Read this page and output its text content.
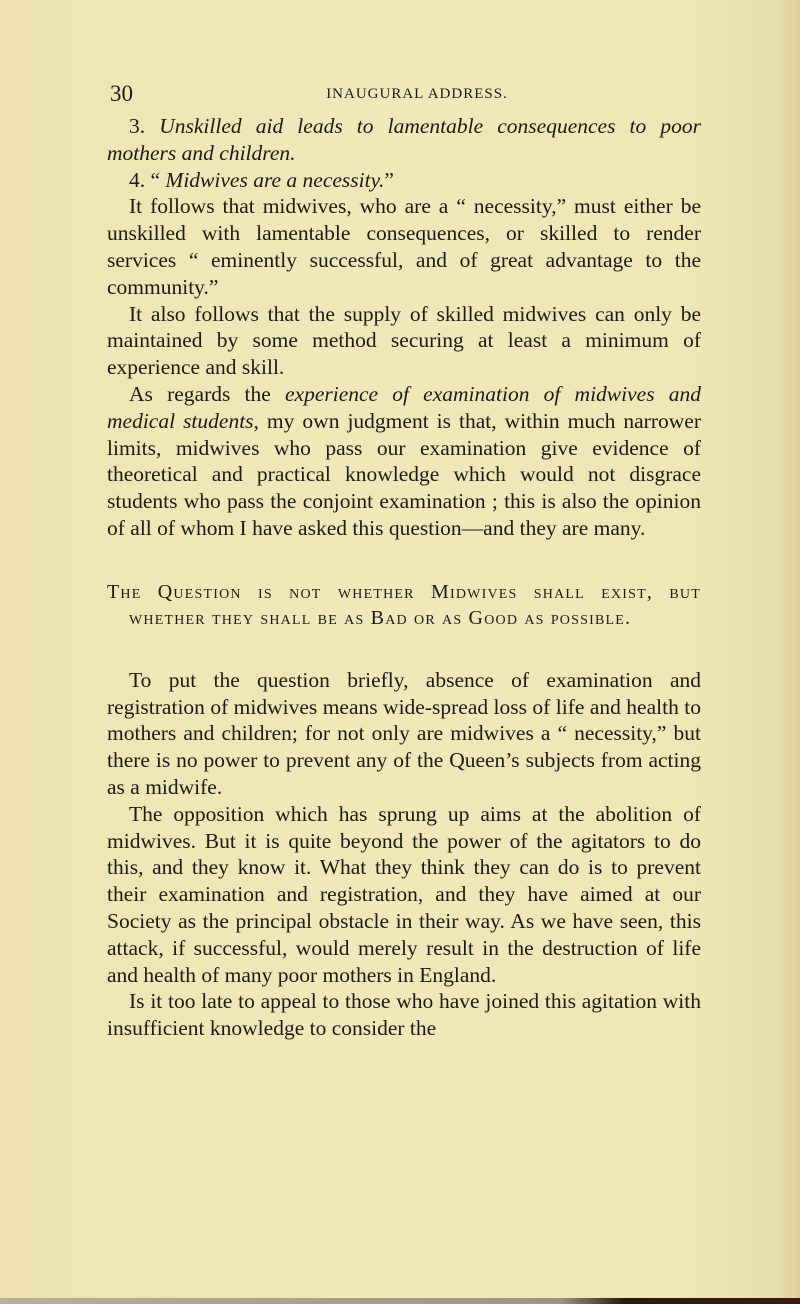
30	INAUGURAL ADDRESS.

3. Unskilled aid leads to lamentable consequences to poor mothers and children.

4. “ Midwives are a necessity.”

It follows that midwives, who are a “ necessity,” must either be unskilled with lamentable consequences, or skilled to render services “ eminently successful, and of great advantage to the community.”

It also follows that the supply of skilled midwives can only be maintained by some method securing at least a minimum of experience and skill.

As regards the experience of examination of midwives and medical students, my own judgment is that, within much narrower limits, midwives who pass our examination give evidence of theoretical and practical knowledge which would not disgrace students who pass the conjoint examination ; this is also the opinion of all of whom I have asked this question—and they are many.

The Question is not whether Midwives shall exist, but whether they shall be as Bad or as Good as possible.

To put the question briefly, absence of examination and registration of midwives means wide-spread loss of life and health to mothers and children; for not only are midwives a “ necessity,” but there is no power to prevent any of the Queen’s subjects from acting as a midwife.

The opposition which has sprung up aims at the abolition of midwives. But it is quite beyond the power of the agitators to do this, and they know it. What they think they can do is to prevent their examination and registration, and they have aimed at our Society as the principal obstacle in their way. As we have seen, this attack, if successful, would merely result in the destruction of life and health of many poor mothers in England.

Is it too late to appeal to those who have joined this agitation with insufficient knowledge to consider the
